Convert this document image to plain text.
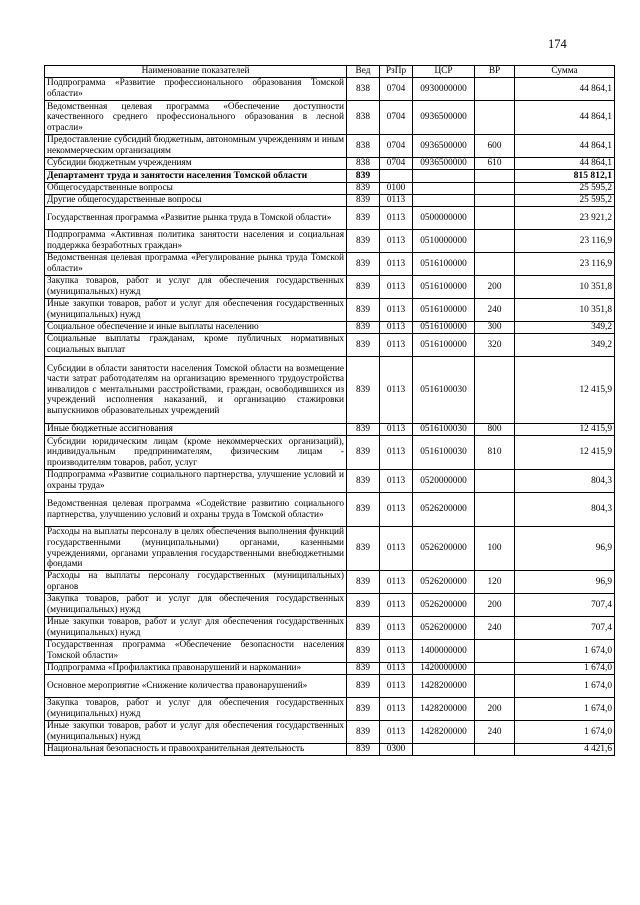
174
Наименование показателей	Вед	РзПр	ЦСР	ВР	Сумма
Подпрограмма «Развитие профессионального образования Томской области»	838	0704	0930000000		44 864,1
Ведомственная целевая программа «Обеспечение доступности качественного среднего профессионального образования в лесной отрасли»	838	0704	0936500000		44 864,1
Предоставление субсидий бюджетным, автономным учреждениям и иным некоммерческим организациям	838	0704	0936500000	600	44 864,1
Субсидии бюджетным учреждениям	838	0704	0936500000	610	44 864,1
Департамент труда и занятости населения Томской области	839				815 812,1
Общегосударственные вопросы	839	0100			25 595,2
Другие общегосударственные вопросы	839	0113			25 595,2
Государственная программа «Развитие рынка труда в Томской области»	839	0113	0500000000		23 921,2
Подпрограмма «Активная политика занятости населения и социальная поддержка безработных граждан»	839	0113	0510000000		23 116,9
Ведомственная целевая программа «Регулирование рынка труда Томской области»	839	0113	0516100000		23 116,9
Закупка товаров, работ и услуг для обеспечения государственных (муниципальных) нужд	839	0113	0516100000	200	10 351,8
Иные закупки товаров, работ и услуг для обеспечения государственных (муниципальных) нужд	839	0113	0516100000	240	10 351,8
Социальное обеспечение и иные выплаты населению	839	0113	0516100000	300	349,2
Социальные выплаты гражданам, кроме публичных нормативных социальных выплат	839	0113	0516100000	320	349,2
Субсидии в области занятости населения Томской области на возмещение части затрат работодателям на организацию временного трудоустройства инвалидов с ментальными расстройствами, граждан, освободившихся из учреждений исполнения наказаний, и организацию стажировки выпускников образовательных учреждений	839	0113	0516100030		12 415,9
Иные бюджетные ассигнования	839	0113	0516100030	800	12 415,9
Субсидии юридическим лицам (кроме некоммерческих организаций), индивидуальным предпринимателям, физическим лицам - производителям товаров, работ, услуг	839	0113	0516100030	810	12 415,9
Подпрограмма «Развитие социального партнерства, улучшение условий и охраны труда»	839	0113	0520000000		804,3
Ведомственная целевая программа «Содействие развитию социального партнерства, улучшению условий и охраны труда в Томской области»	839	0113	0526200000		804,3
Расходы на выплаты персоналу в целях обеспечения выполнения функций государственными (муниципальными) органами, казенными учреждениями, органами управления государственными внебюджетными фондами	839	0113	0526200000	100	96,9
Расходы на выплаты персоналу государственных (муниципальных) органов	839	0113	0526200000	120	96,9
Закупка товаров, работ и услуг для обеспечения государственных (муниципальных) нужд	839	0113	0526200000	200	707,4
Иные закупки товаров, работ и услуг для обеспечения государственных (муниципальных) нужд	839	0113	0526200000	240	707,4
Государственная программа «Обеспечение безопасности населения Томской области»	839	0113	1400000000		1 674,0
Подпрограмма «Профилактика правонарушений и наркомании»	839	0113	1420000000		1 674,0
Основное мероприятие «Снижение количества правонарушений»	839	0113	1428200000		1 674,0
Закупка товаров, работ и услуг для обеспечения государственных (муниципальных) нужд	839	0113	1428200000	200	1 674,0
Иные закупки товаров, работ и услуг для обеспечения государственных (муниципальных) нужд	839	0113	1428200000	240	1 674,0
Национальная безопасность и правоохранительная деятельность	839	0300			4 421,6
